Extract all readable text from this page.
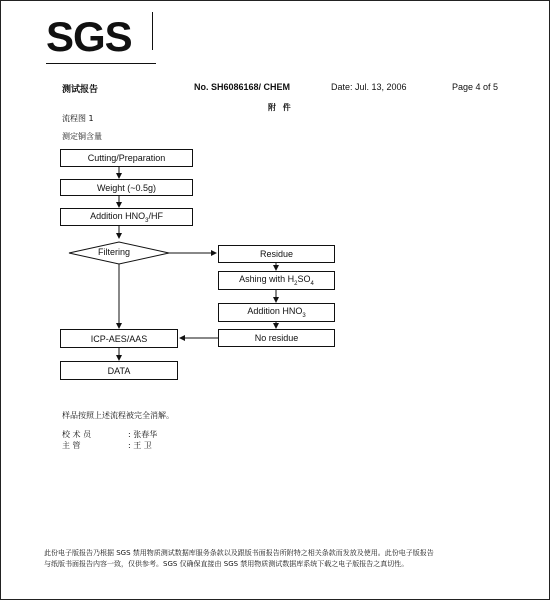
SGS
测试报告	No. SH6086168/ CHEM	Date: Jul. 13, 2006	Page 4 of 5
附 件
流程图 1
测定铜含量
Cutting/Preparation
Weight (~0.5g)
Addition $HNO_3/HF$
Filtering	Residue
Ashing with $H_2SO_4$
Addition $HNO_3$
No residue
ICP-AES/AAS
DATA
样品按照上述流程被完全消解。
校 术 员	: 张春华
主 管	: 王 卫
此份电子版报告乃根据 SGS 禁用物质测试数据库服务条款以及跟版书面报告所附特之相关条款而发放及使用。此份电子版报告
与纸版书面报告内容一致，仅供参考。SGS 仅确保直接由 SGS 禁用物质测试数据库系统下载之电子版报告之真切性。
